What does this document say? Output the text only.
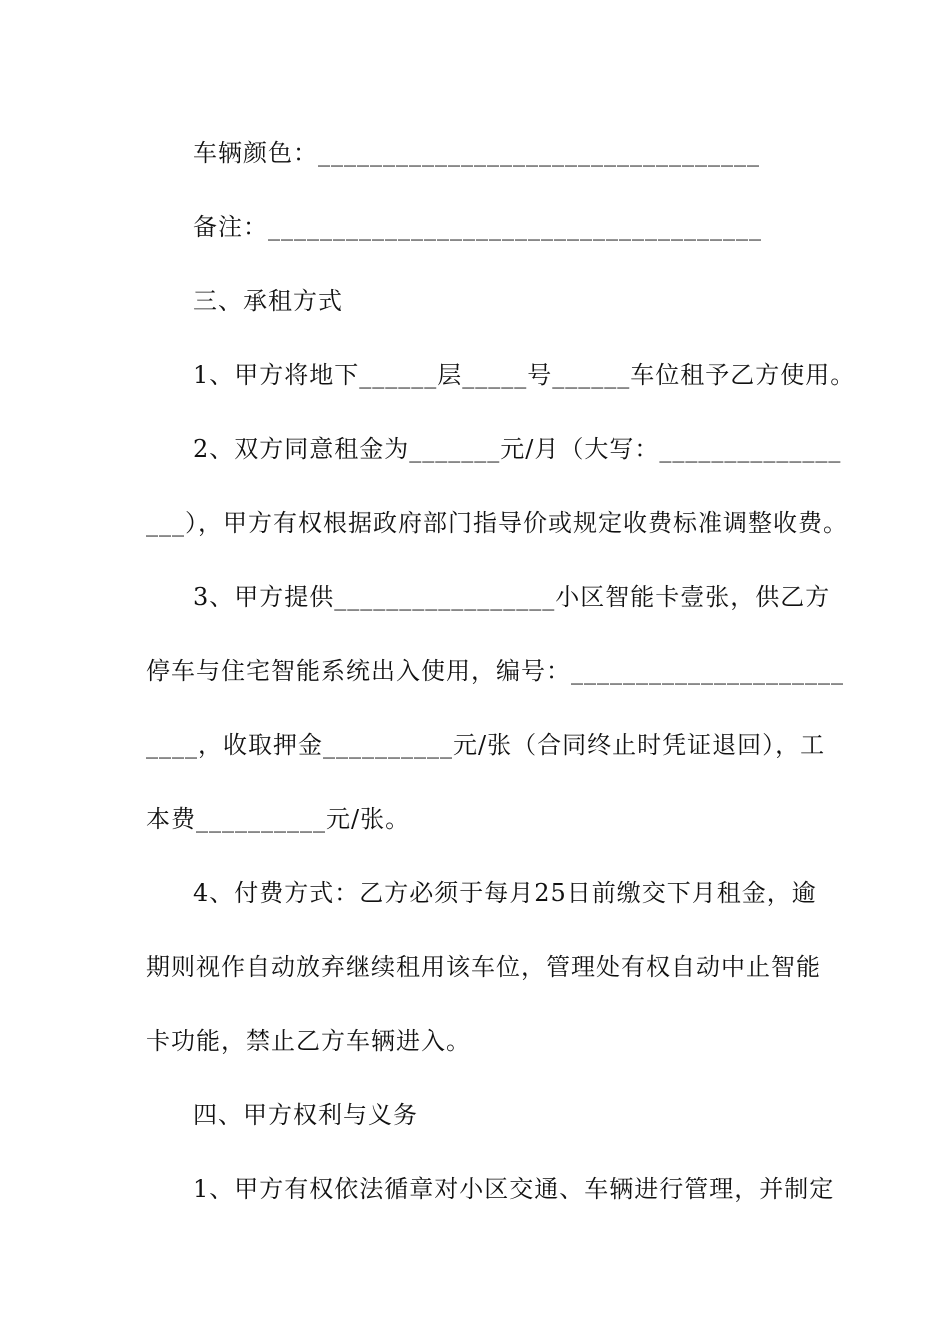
车辆颜色：__________________________________
备注：______________________________________
三、承租方式
1、甲方将地下______层_____号______车位租予乙方使用。
2、双方同意租金为_______元/月（大写：______________
___），甲方有权根据政府部门指导价或规定收费标准调整收费。
3、甲方提供_________________小区智能卡壹张，供乙方
停车与住宅智能系统出入使用，编号：_____________________
____，收取押金__________元/张（合同终止时凭证退回），工
本费__________元/张。
4、付费方式：乙方必须于每月25日前缴交下月租金，逾
期则视作自动放弃继续租用该车位，管理处有权自动中止智能
卡功能，禁止乙方车辆进入。
四、甲方权利与义务
1、甲方有权依法循章对小区交通、车辆进行管理，并制定
